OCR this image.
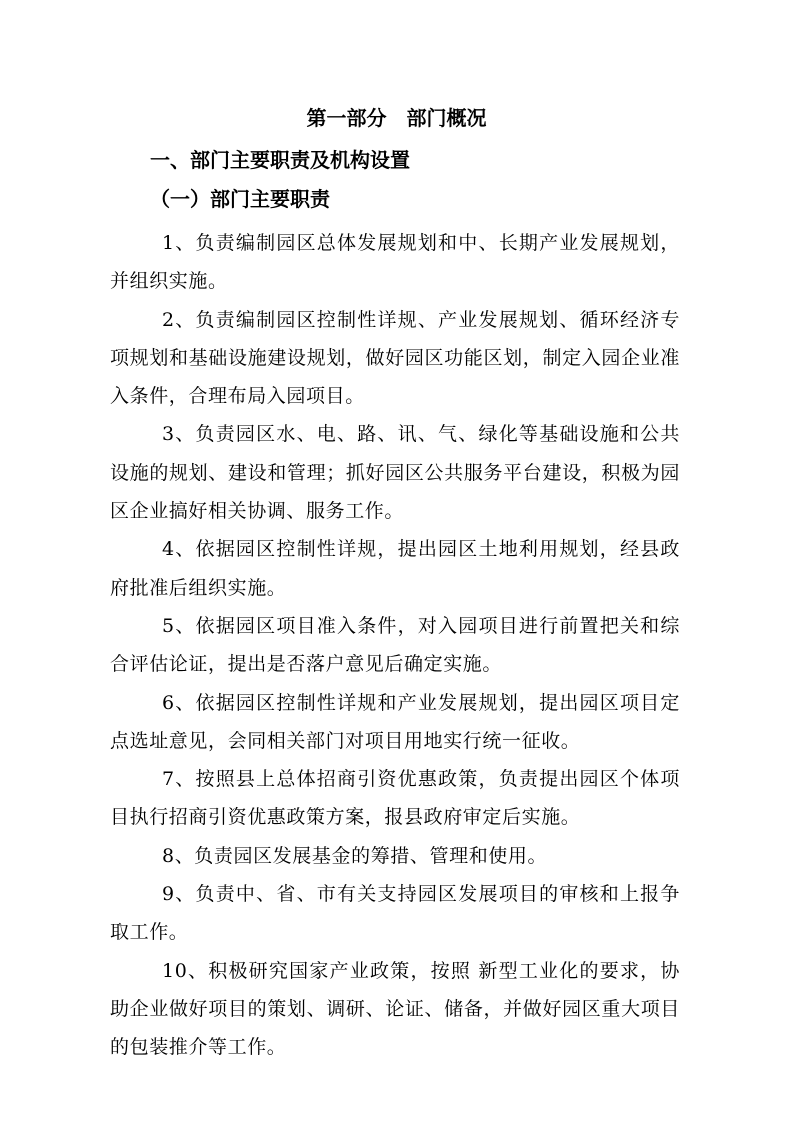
第一部分　部门概况
一、部门主要职责及机构设置
（一）部门主要职责

1、负责编制园区总体发展规划和中、长期产业发展规划，并组织实施。

2、负责编制园区控制性详规、产业发展规划、循环经济专项规划和基础设施建设规划，做好园区功能区划，制定入园企业准入条件，合理布局入园项目。

3、负责园区水、电、路、讯、气、绿化等基础设施和公共设施的规划、建设和管理；抓好园区公共服务平台建设，积极为园区企业搞好相关协调、服务工作。

4、依据园区控制性详规，提出园区土地利用规划，经县政府批准后组织实施。

5、依据园区项目准入条件，对入园项目进行前置把关和综合评估论证，提出是否落户意见后确定实施。

6、依据园区控制性详规和产业发展规划，提出园区项目定点选址意见，会同相关部门对项目用地实行统一征收。

7、按照县上总体招商引资优惠政策，负责提出园区个体项目执行招商引资优惠政策方案，报县政府审定后实施。

8、负责园区发展基金的筹措、管理和使用。

9、负责中、省、市有关支持园区发展项目的审核和上报争取工作。

10、积极研究国家产业政策，按照 新型工业化的要求，协助企业做好项目的策划、调研、论证、储备，并做好园区重大项目的包装推介等工作。
